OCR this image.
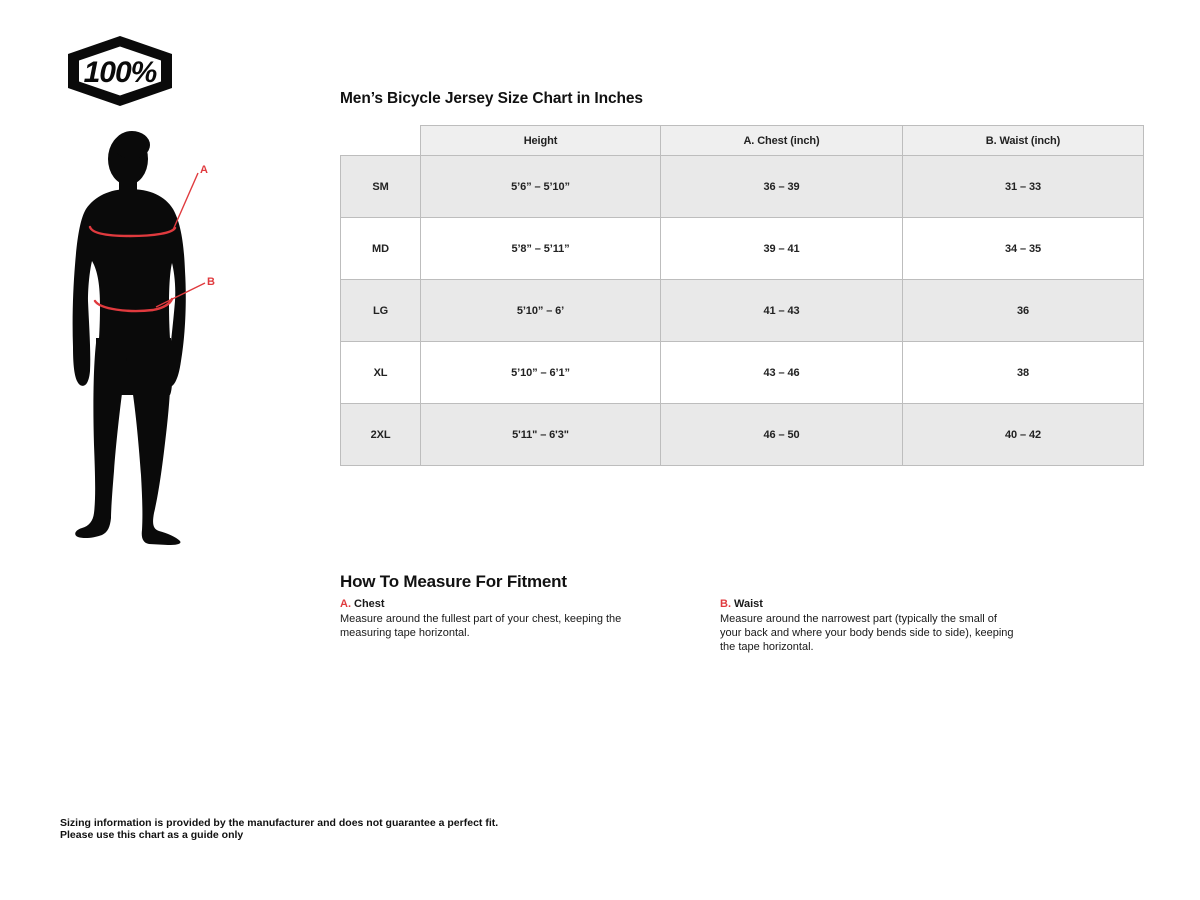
100%
A
B
Men’s Bicycle Jersey Size Chart in Inches
	Height	A. Chest (inch)	B. Waist (inch)
SM	5’6” – 5’10”	36 – 39	31 – 33
MD	5’8” – 5’11”	39 – 41	34 – 35
LG	5’10” – 6’	41 – 43	36
XL	5’10” – 6’1”	43 – 46	38
2XL	5'11" – 6'3"	46 – 50	40 – 42
How To Measure For Fitment
A. Chest
Measure around the fullest part of your chest, keeping the measuring tape horizontal.
B. Waist
Measure around the narrowest part (typically the small of your back and where your body bends side to side), keeping the tape horizontal.
Sizing information is provided by the manufacturer and does not guarantee a perfect fit.
Please use this chart as a guide only
